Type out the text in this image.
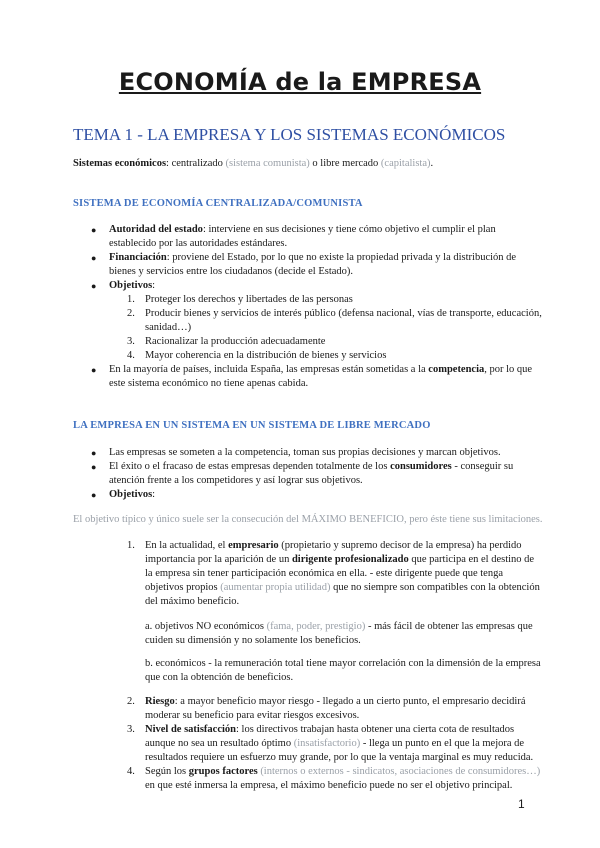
ECONOMÍA de la EMPRESA
TEMA 1 - LA EMPRESA Y LOS SISTEMAS ECONÓMICOS
Sistemas económicos: centralizado (sistema comunista) o libre mercado (capitalista).
SISTEMA DE ECONOMÍA CENTRALIZADA/COMUNISTA
● Autoridad del estado: interviene en sus decisiones y tiene cómo objetivo el cumplir el plan
establecido por las autoridades estándares.
● Financiación: proviene del Estado, por lo que no existe la propiedad privada y la distribución de
bienes y servicios entre los ciudadanos (decide el Estado).
● Objetivos:
1. Proteger los derechos y libertades de las personas
2. Producir bienes y servicios de interés público (defensa nacional, vías de transporte, educación,
sanidad…)
3. Racionalizar la producción adecuadamente
4. Mayor coherencia en la distribución de bienes y servicios
● En la mayoría de países, incluida España, las empresas están sometidas a la competencia, por lo que
este sistema económico no tiene apenas cabida.
LA EMPRESA EN UN SISTEMA EN UN SISTEMA DE LIBRE MERCADO
● Las empresas se someten a la competencia, toman sus propias decisiones y marcan objetivos.
● El éxito o el fracaso de estas empresas dependen totalmente de los consumidores - conseguir su
atención frente a los competidores y así lograr sus objetivos.
● Objetivos:
El objetivo típico y único suele ser la consecución del MÁXIMO BENEFICIO, pero éste tiene sus limitaciones.
1. En la actualidad, el empresario (propietario y supremo decisor de la empresa) ha perdido
importancia por la aparición de un dirigente profesionalizado que participa en el destino de
la empresa sin tener participación económica en ella. - este dirigente puede que tenga
objetivos propios (aumentar propia utilidad) que no siempre son compatibles con la obtención
del máximo beneficio.
a. objetivos NO económicos (fama, poder, prestigio) - más fácil de obtener las empresas que
cuiden su dimensión y no solamente los beneficios.
b. económicos - la remuneración total tiene mayor correlación con la dimensión de la empresa
que con la obtención de beneficios.
2. Riesgo: a mayor beneficio mayor riesgo - llegado a un cierto punto, el empresario decidirá
moderar su beneficio para evitar riesgos excesivos.
3. Nivel de satisfacción: los directivos trabajan hasta obtener una cierta cota de resultados
aunque no sea un resultado óptimo (insatisfactorio) - llega un punto en el que la mejora de
resultados requiere un esfuerzo muy grande, por lo que la ventaja marginal es muy reducida.
4. Según los grupos factores (internos o externos - sindicatos, asociaciones de consumidores…)
en que esté inmersa la empresa, el máximo beneficio puede no ser el objetivo principal.
1
